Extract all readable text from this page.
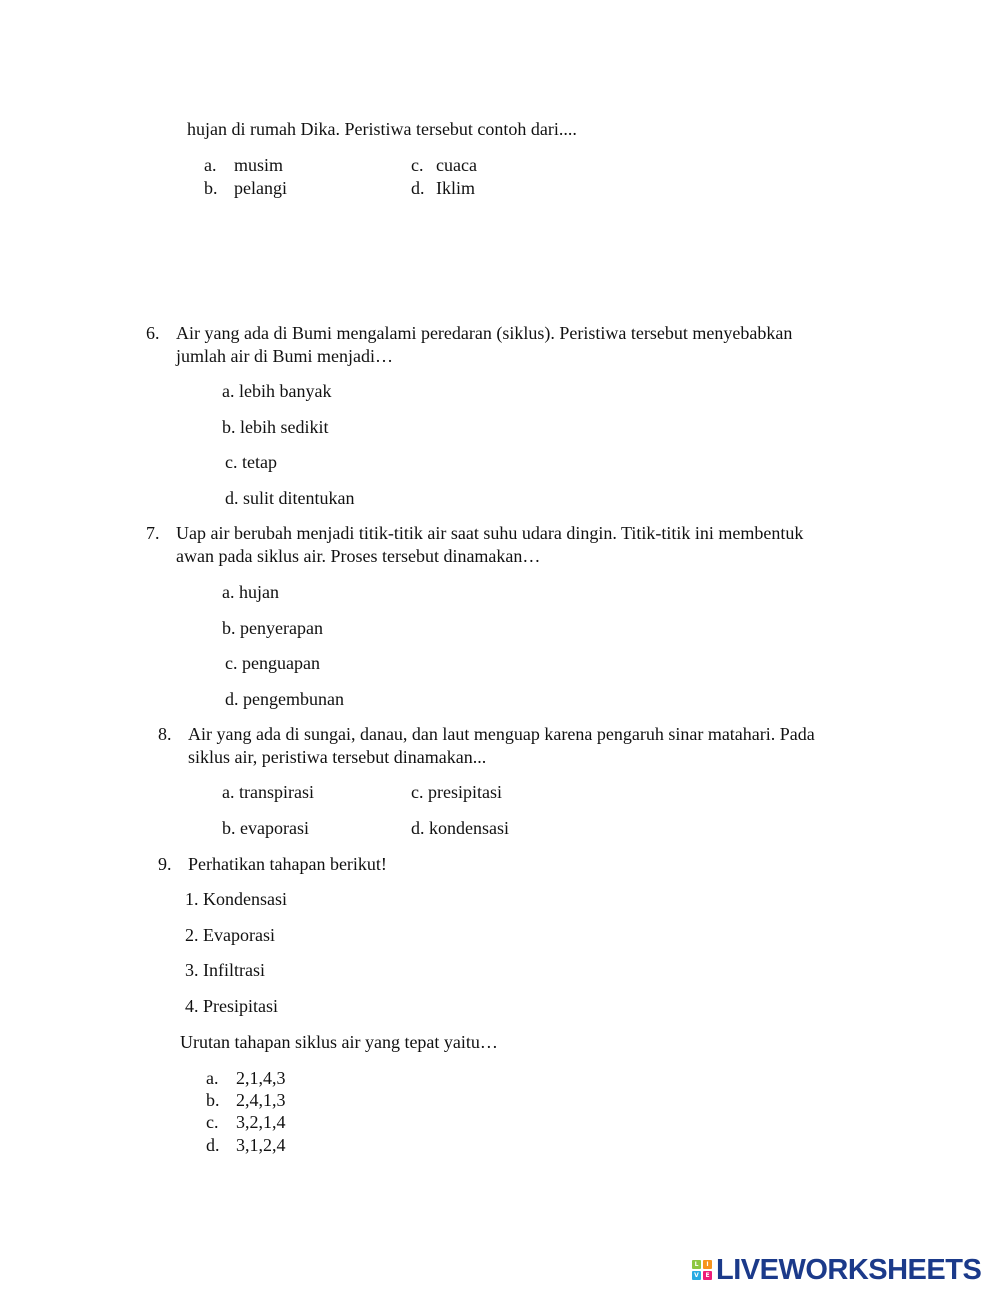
hujan di rumah Dika. Peristiwa tersebut contoh dari....
a. musim
b. pelangi
c. cuaca
d. Iklim
6. Air yang ada di Bumi mengalami peredaran (siklus). Peristiwa tersebut menyebabkan
jumlah air di Bumi menjadi…
a. lebih banyak
b. lebih sedikit
c. tetap
d. sulit ditentukan
7. Uap air berubah menjadi titik-titik air saat suhu udara dingin. Titik-titik ini membentuk
awan pada siklus air. Proses tersebut dinamakan…
a. hujan
b. penyerapan
c. penguapan
d. pengembunan
8. Air yang ada di sungai, danau, dan laut menguap karena pengaruh sinar matahari. Pada
siklus air, peristiwa tersebut dinamakan...
a. transpirasi
b. evaporasi
c. presipitasi
d. kondensasi
9. Perhatikan tahapan berikut!
1. Kondensasi
2. Evaporasi
3. Infiltrasi
4. Presipitasi
Urutan tahapan siklus air yang tepat yaitu…
a. 2,1,4,3
b. 2,4,1,3
c. 3,2,1,4
d. 3,1,2,4
L	I
V	E LIVEWORKSHEETS
